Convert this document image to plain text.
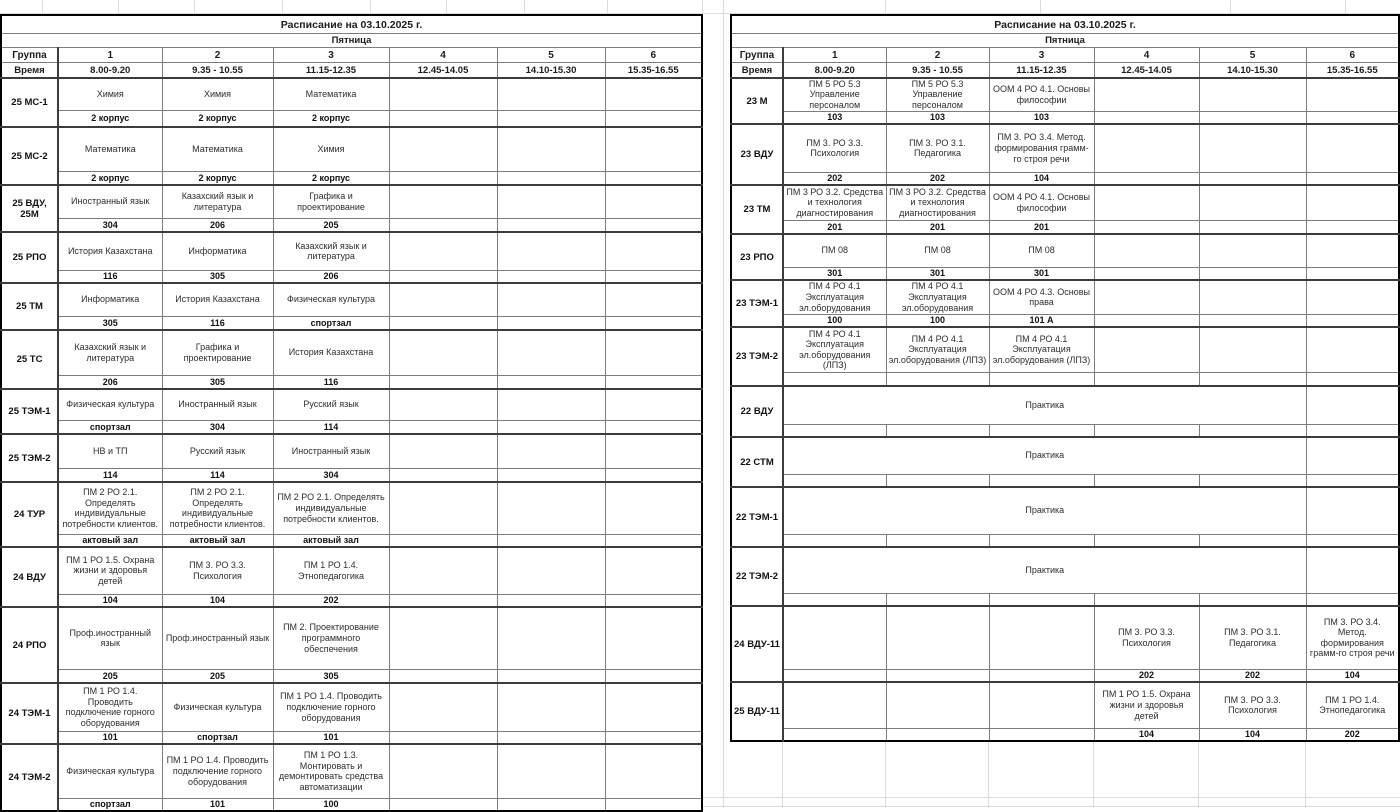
Расписание на 03.10.2025 г.						
Пятница						
Группа	1	2	3	4	5	6
Время	8.00-9.20	9.35 - 10.55	11.15-12.35	12.45-14.05	14.10-15.30	15.35-16.55
25 МС-1	Химия	Химия	Математика			

	2 корпус	2 корпус	2 корпус			
25 МС-2	Математика	Математика	Химия			

	2 корпус	2 корпус	2 корпус			
25 ВДУ, 25М	Иностранный язык	Казахский язык и литература	Графика и проектирование			

	304	206	205			
25 РПО	История Казахстана	Информатика	Казахский язык и литература			

	116	305	206			
25 ТМ	Информатика	История Казахстана	Физическая культура			

	305	116	спортзал			
25 ТС	Казахский язык и литература	Графика и проектирование	История Казахстана			

	206	305	116			
25 ТЭМ-1	Физическая культура	Иностранный язык	Русский язык			

	спортзал	304	114			
25 ТЭМ-2	НВ и ТП	Русский язык	Иностранный язык			

	114	114	304			
24 ТУР	ПМ 2 РО 2.1. Определять индивидуальные потребности клиентов.	ПМ 2 РО 2.1. Определять индивидуальные потребности клиентов.	ПМ 2 РО 2.1. Определять индивидуальные потребности клиентов.			

	актовый зал	актовый зал	актовый зал			
24 ВДУ	ПМ 1 РО 1.5. Охрана жизни и здоровья детей	ПМ 3. РО 3.3. Психология	ПМ 1 РО 1.4. Этнопедагогика			

	104	104	202			
24 РПО	Проф.иностранный язык	Проф.иностранный язык	ПМ 2. Проектирование программного обеспечения			

	205	205	305			
24 ТЭМ-1	ПМ 1 РО 1.4. Проводить подключение горного оборудования	Физическая культура	ПМ 1 РО 1.4. Проводить подключение горного оборудования			

	101	спортзал	101			
24 ТЭМ-2	Физическая культура	ПМ 1 РО 1.4. Проводить подключение горного оборудования	ПМ 1 РО 1.3. Монтировать и демонтировать средства автоматизации			

	спортзал	101	100			
Расписание на 03.10.2025 г.						
Пятница						
Группа	1	2	3	4	5	6
Время	8.00-9.20	9.35 - 10.55	11.15-12.35	12.45-14.05	14.10-15.30	15.35-16.55
23 М	ПМ 5 РО 5.3 Управление персоналом	ПМ 5 РО 5.3 Управление персоналом	ООМ 4 РО 4.1. Основы философии			

	103	103	103			
23 ВДУ	ПМ 3. РО 3.3. Психология	ПМ 3. РО 3.1. Педагогика	ПМ 3. РО 3.4. Метод. формирования грамм-го строя речи			

	202	202	104			
23 ТМ	ПМ 3 РО 3.2. Средства и технология диагностирования	ПМ 3 РО 3.2. Средства и технология диагностирования	ООМ 4 РО 4.1. Основы философии			

	201	201	201			
23 РПО	ПМ 08	ПМ 08	ПМ 08			

	301	301	301			
23 ТЭМ-1	ПМ 4 РО 4.1 Эксплуатация эл.оборудования	ПМ 4 РО 4.1 Эксплуатация эл.оборудования	ООМ 4 РО 4.3. Основы права			

	100	100	101 А			
23 ТЭМ-2	ПМ 4 РО 4.1 Эксплуатация эл.оборудования (ЛПЗ)	ПМ 4 РО 4.1 Эксплуатация эл.оборудования (ЛПЗ)	ПМ 4 РО 4.1 Эксплуатация эл.оборудования (ЛПЗ)			

22 ВДУ	Практика					

22 СТМ	Практика					

22 ТЭМ-1	Практика					

22 ТЭМ-2	Практика					

24 ВДУ-11				ПМ 3. РО 3.3. Психология	ПМ 3. РО 3.1. Педагогика	ПМ 3. РО 3.4. Метод. формирования грамм-го строя речи

				202	202	104
25 ВДУ-11				ПМ 1 РО 1.5. Охрана жизни и здоровья детей	ПМ 3. РО 3.3. Психология	ПМ 1 РО 1.4. Этнопедагогика

				104	104	202
